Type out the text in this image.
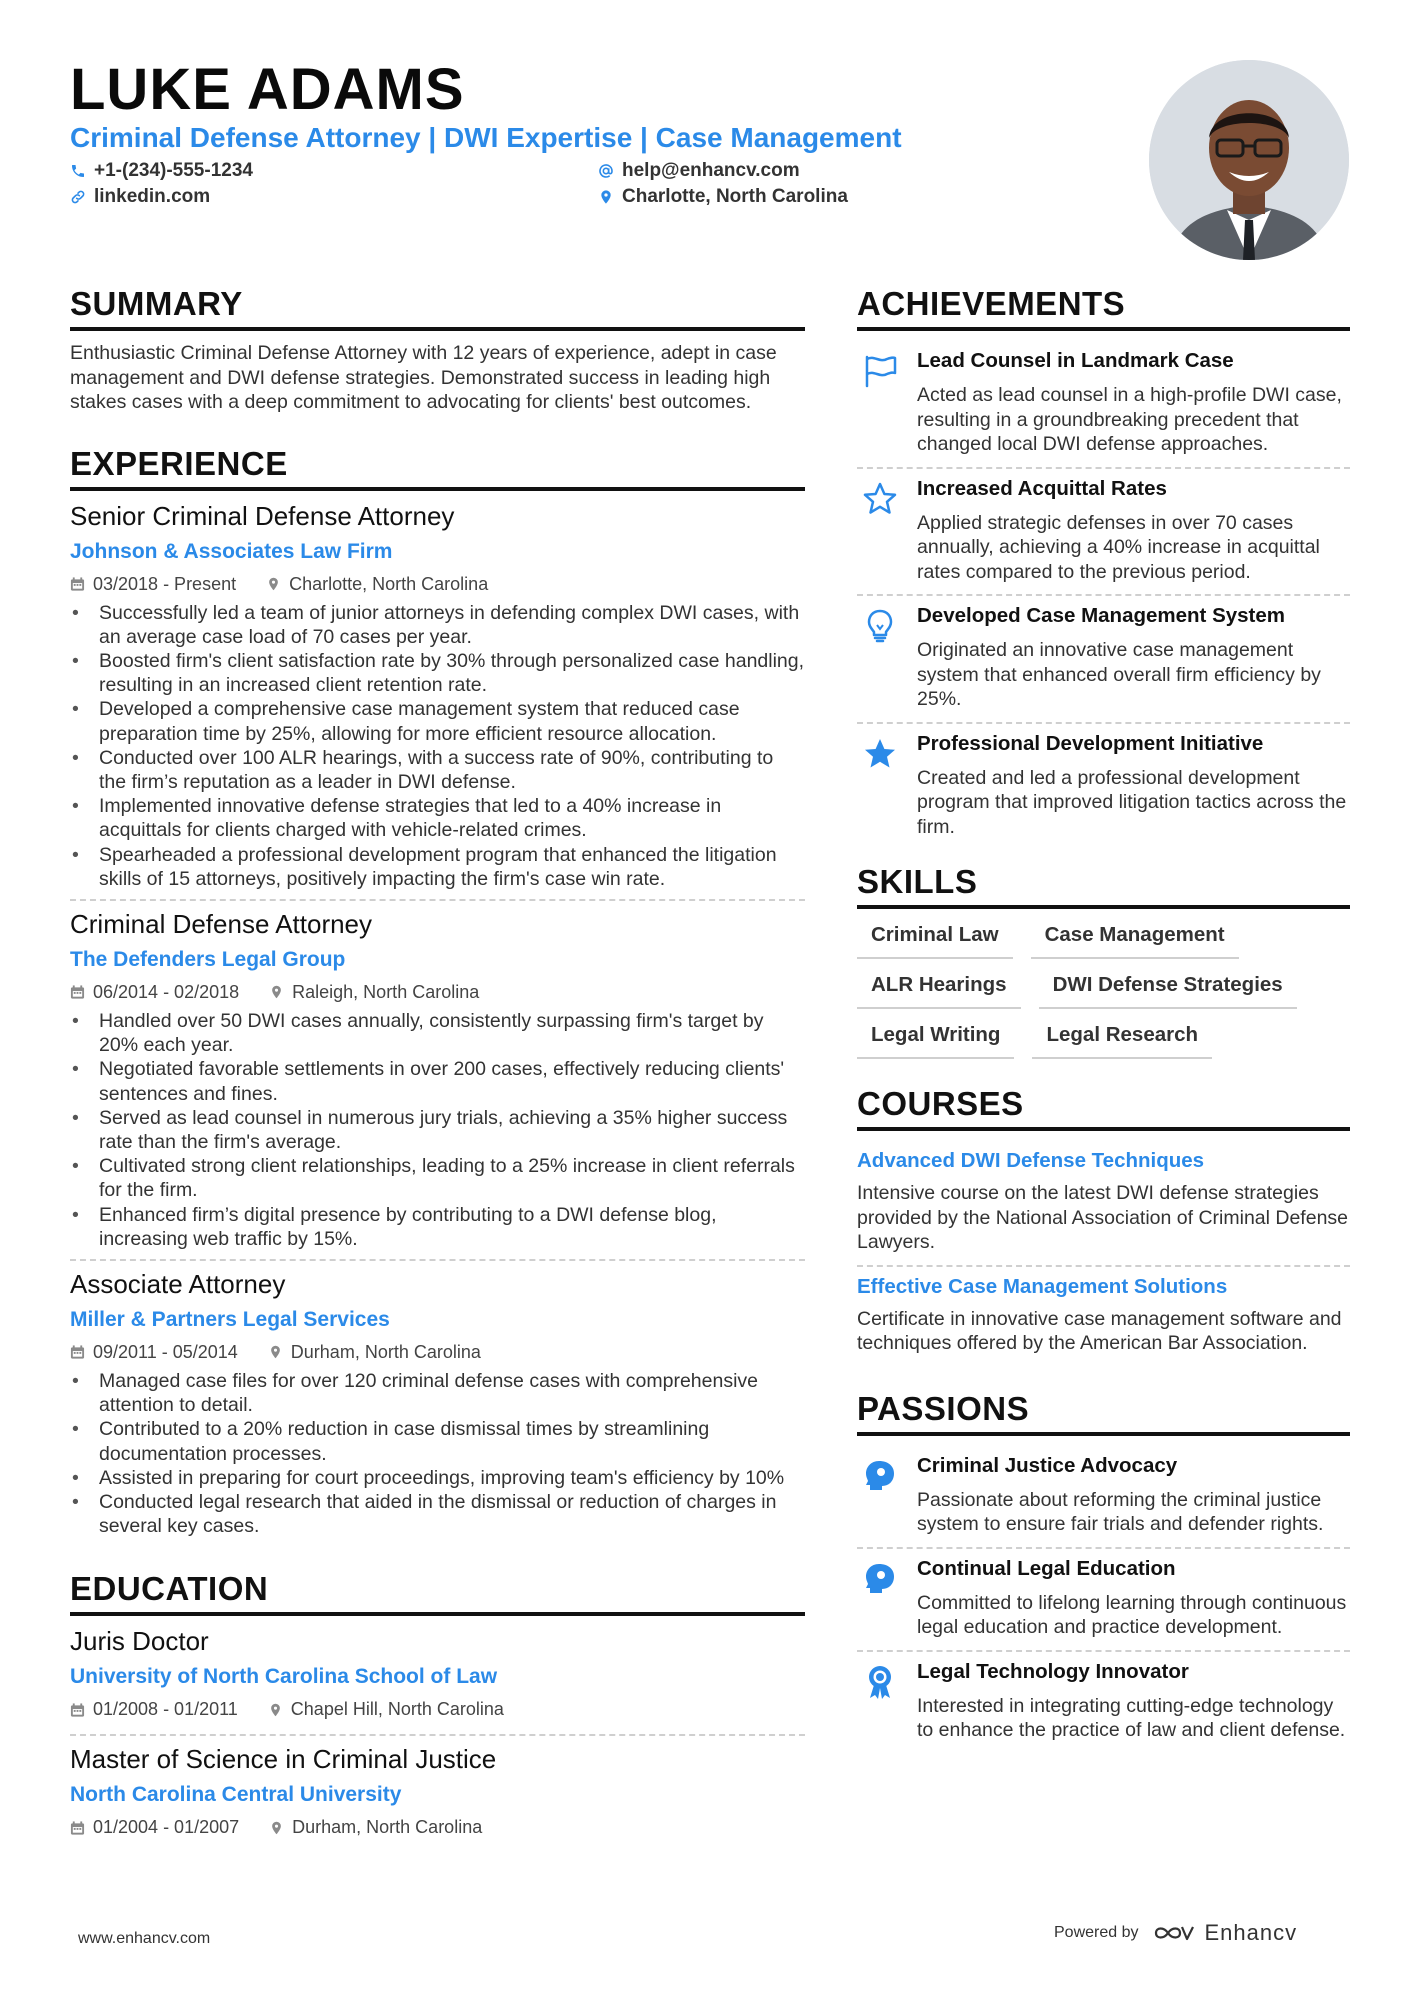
LUKE ADAMS
Criminal Defense Attorney | DWI Expertise | Case Management
+1-(234)-555-1234	help@enhancv.com
linkedin.com	Charlotte, North Carolina
SUMMARY
Enthusiastic Criminal Defense Attorney with 12 years of experience, adept in case management and DWI defense strategies. Demonstrated success in leading high stakes cases with a deep commitment to advocating for clients' best outcomes.
EXPERIENCE
Senior Criminal Defense Attorney
Johnson & Associates Law Firm
03/2018 - Present	Charlotte, North Carolina
• Successfully led a team of junior attorneys in defending complex DWI cases, with an average case load of 70 cases per year.
• Boosted firm's client satisfaction rate by 30% through personalized case handling, resulting in an increased client retention rate.
• Developed a comprehensive case management system that reduced case preparation time by 25%, allowing for more efficient resource allocation.
• Conducted over 100 ALR hearings, with a success rate of 90%, contributing to the firm’s reputation as a leader in DWI defense.
• Implemented innovative defense strategies that led to a 40% increase in acquittals for clients charged with vehicle-related crimes.
• Spearheaded a professional development program that enhanced the litigation skills of 15 attorneys, positively impacting the firm's case win rate.
Criminal Defense Attorney
The Defenders Legal Group
06/2014 - 02/2018	Raleigh, North Carolina
• Handled over 50 DWI cases annually, consistently surpassing firm's target by 20% each year.
• Negotiated favorable settlements in over 200 cases, effectively reducing clients' sentences and fines.
• Served as lead counsel in numerous jury trials, achieving a 35% higher success rate than the firm's average.
• Cultivated strong client relationships, leading to a 25% increase in client referrals for the firm.
• Enhanced firm’s digital presence by contributing to a DWI defense blog, increasing web traffic by 15%.
Associate Attorney
Miller & Partners Legal Services
09/2011 - 05/2014	Durham, North Carolina
• Managed case files for over 120 criminal defense cases with comprehensive attention to detail.
• Contributed to a 20% reduction in case dismissal times by streamlining documentation processes.
• Assisted in preparing for court proceedings, improving team's efficiency by 10%
• Conducted legal research that aided in the dismissal or reduction of charges in several key cases.
EDUCATION
Juris Doctor
University of North Carolina School of Law
01/2008 - 01/2011	Chapel Hill, North Carolina
Master of Science in Criminal Justice
North Carolina Central University
01/2004 - 01/2007	Durham, North Carolina
ACHIEVEMENTS
Lead Counsel in Landmark Case
Acted as lead counsel in a high-profile DWI case, resulting in a groundbreaking precedent that changed local DWI defense approaches.
Increased Acquittal Rates
Applied strategic defenses in over 70 cases annually, achieving a 40% increase in acquittal rates compared to the previous period.
Developed Case Management System
Originated an innovative case management system that enhanced overall firm efficiency by 25%.
Professional Development Initiative
Created and led a professional development program that improved litigation tactics across the firm.
SKILLS
Criminal Law	Case Management
ALR Hearings	DWI Defense Strategies
Legal Writing	Legal Research
COURSES
Advanced DWI Defense Techniques
Intensive course on the latest DWI defense strategies provided by the National Association of Criminal Defense Lawyers.
Effective Case Management Solutions
Certificate in innovative case management software and techniques offered by the American Bar Association.
PASSIONS
Criminal Justice Advocacy
Passionate about reforming the criminal justice system to ensure fair trials and defender rights.
Continual Legal Education
Committed to lifelong learning through continuous legal education and practice development.
Legal Technology Innovator
Interested in integrating cutting-edge technology to enhance the practice of law and client defense.
www.enhancv.com	Powered by	Enhancv
